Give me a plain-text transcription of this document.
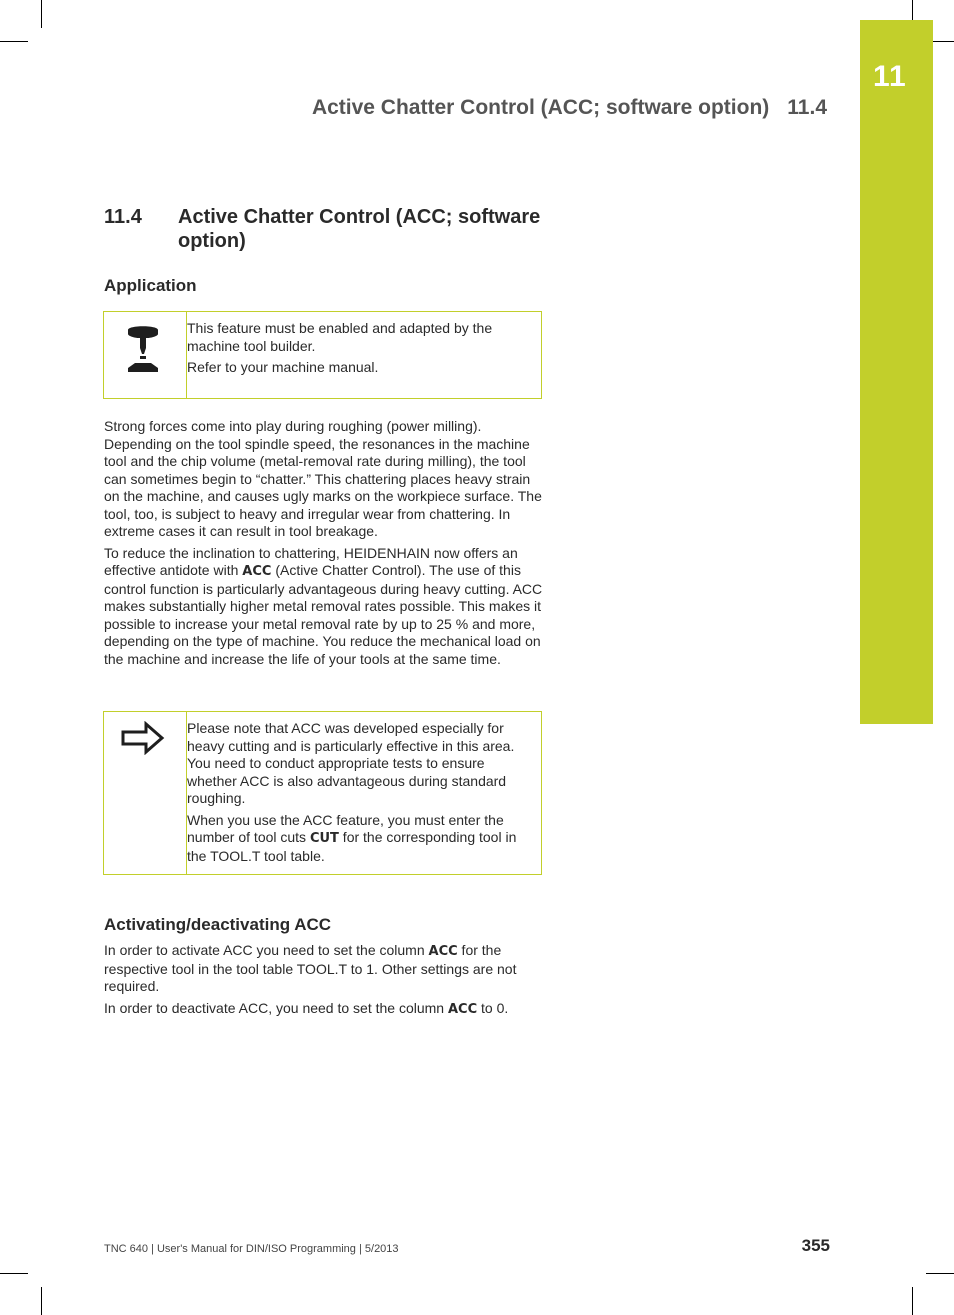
11
Active Chatter Control (ACC; software option) 11.4
11.4 Active Chatter Control (ACC; software option)
Application

This feature must be enabled and adapted by the machine tool builder.

Refer to your machine manual.

Strong forces come into play during roughing (power milling). Depending on the tool spindle speed, the resonances in the machine tool and the chip volume (metal-removal rate during milling), the tool can sometimes begin to “chatter.” This chattering places heavy strain on the machine, and causes ugly marks on the workpiece surface. The tool, too, is subject to heavy and irregular wear from chattering. In extreme cases it can result in tool breakage.

To reduce the inclination to chattering, HEIDENHAIN now offers an effective antidote with ACC (Active Chatter Control). The use of this control function is particularly advantageous during heavy cutting. ACC makes substantially higher metal removal rates possible. This makes it possible to increase your metal removal rate by up to 25 % and more, depending on the type of machine. You reduce the mechanical load on the machine and increase the life of your tools at the same time.

Please note that ACC was developed especially for heavy cutting and is particularly effective in this area. You need to conduct appropriate tests to ensure whether ACC is also advantageous during standard roughing.

When you use the ACC feature, you must enter the number of tool cuts CUT for the corresponding tool in the TOOL.T tool table.

Activating/deactivating ACC

In order to activate ACC you need to set the column ACC for the respective tool in the tool table TOOL.T to 1. Other settings are not required.

In order to deactivate ACC, you need to set the column ACC to 0.

TNC 640 | User's Manual for DIN/ISO Programming | 5/2013	355
